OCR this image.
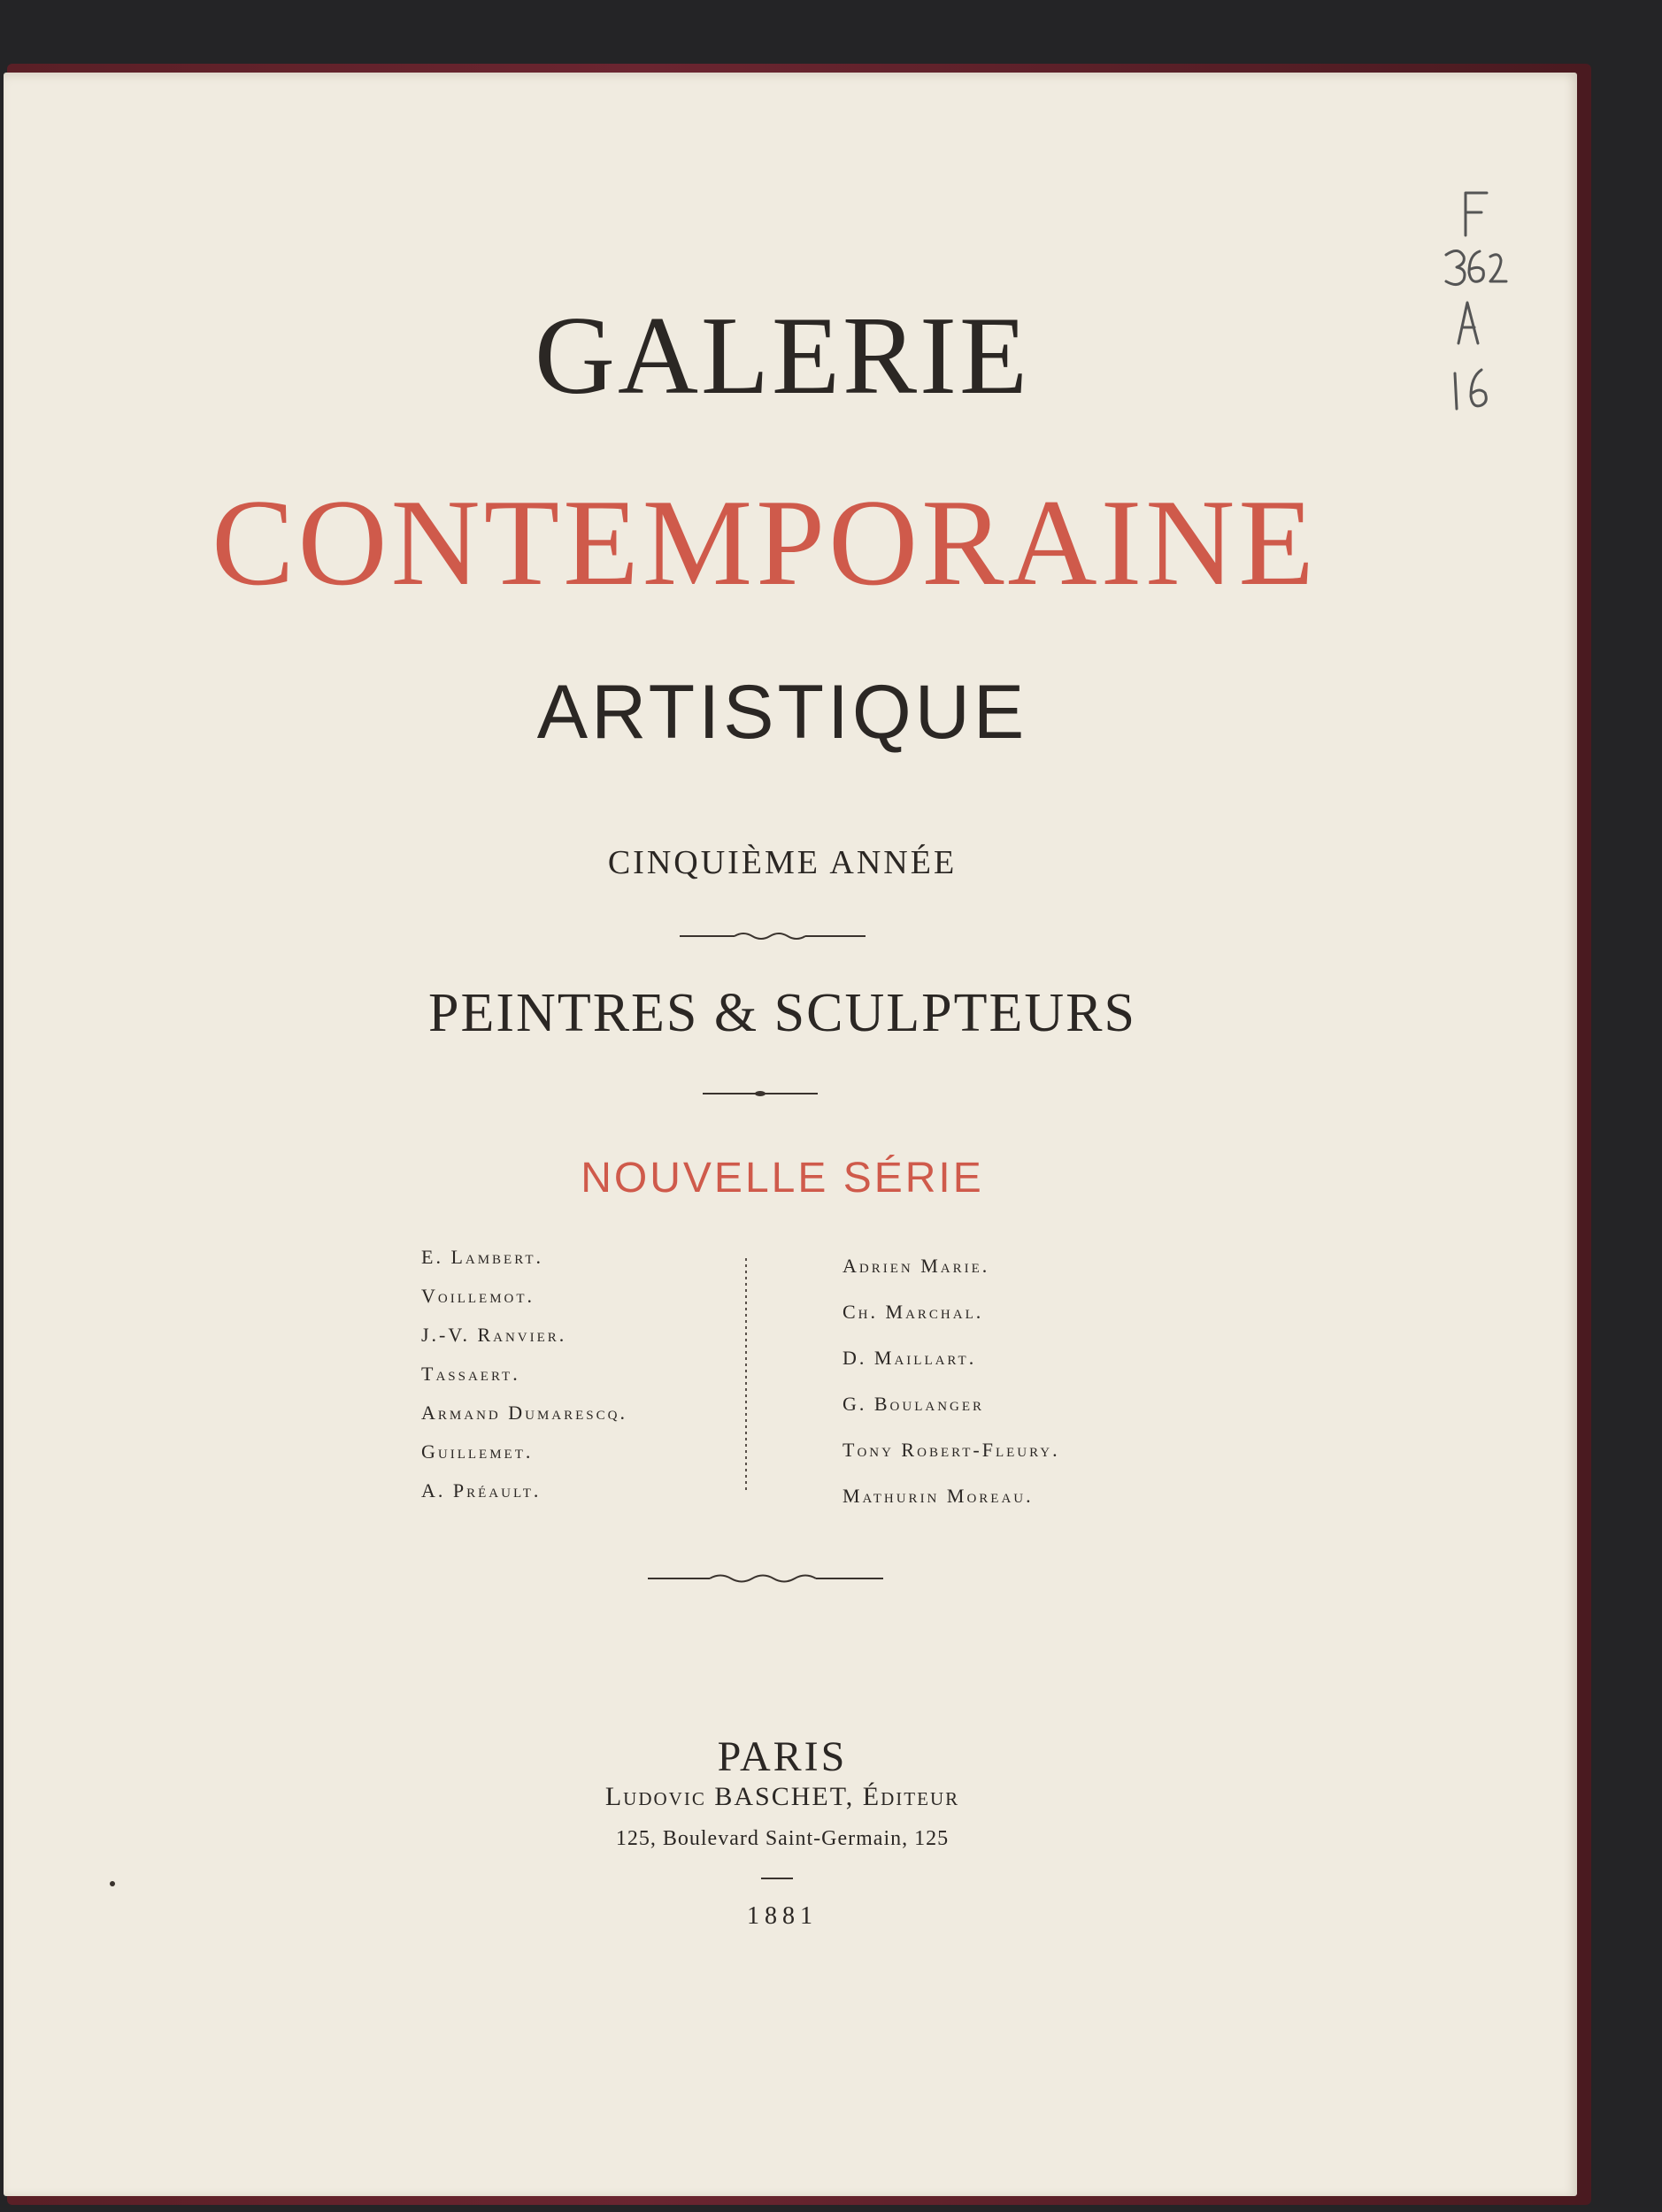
GALERIE
CONTEMPORAINE
ARTISTIQUE
CINQUIÈME ANNÉE
PEINTRES & SCULPTEURS
NOUVELLE SÉRIE
E. Lambert.
Voillemot.
J.-V. Ranvier.
Tassaert.
Armand Dumarescq.
Guillemet.
A. Préault.
Adrien Marie.
Ch. Marchal.
D. Maillart.
G. Boulanger
Tony Robert-Fleury.
Mathurin Moreau.
PARIS
Ludovic BASCHET, Éditeur
125, Boulevard Saint-Germain, 125
1881
